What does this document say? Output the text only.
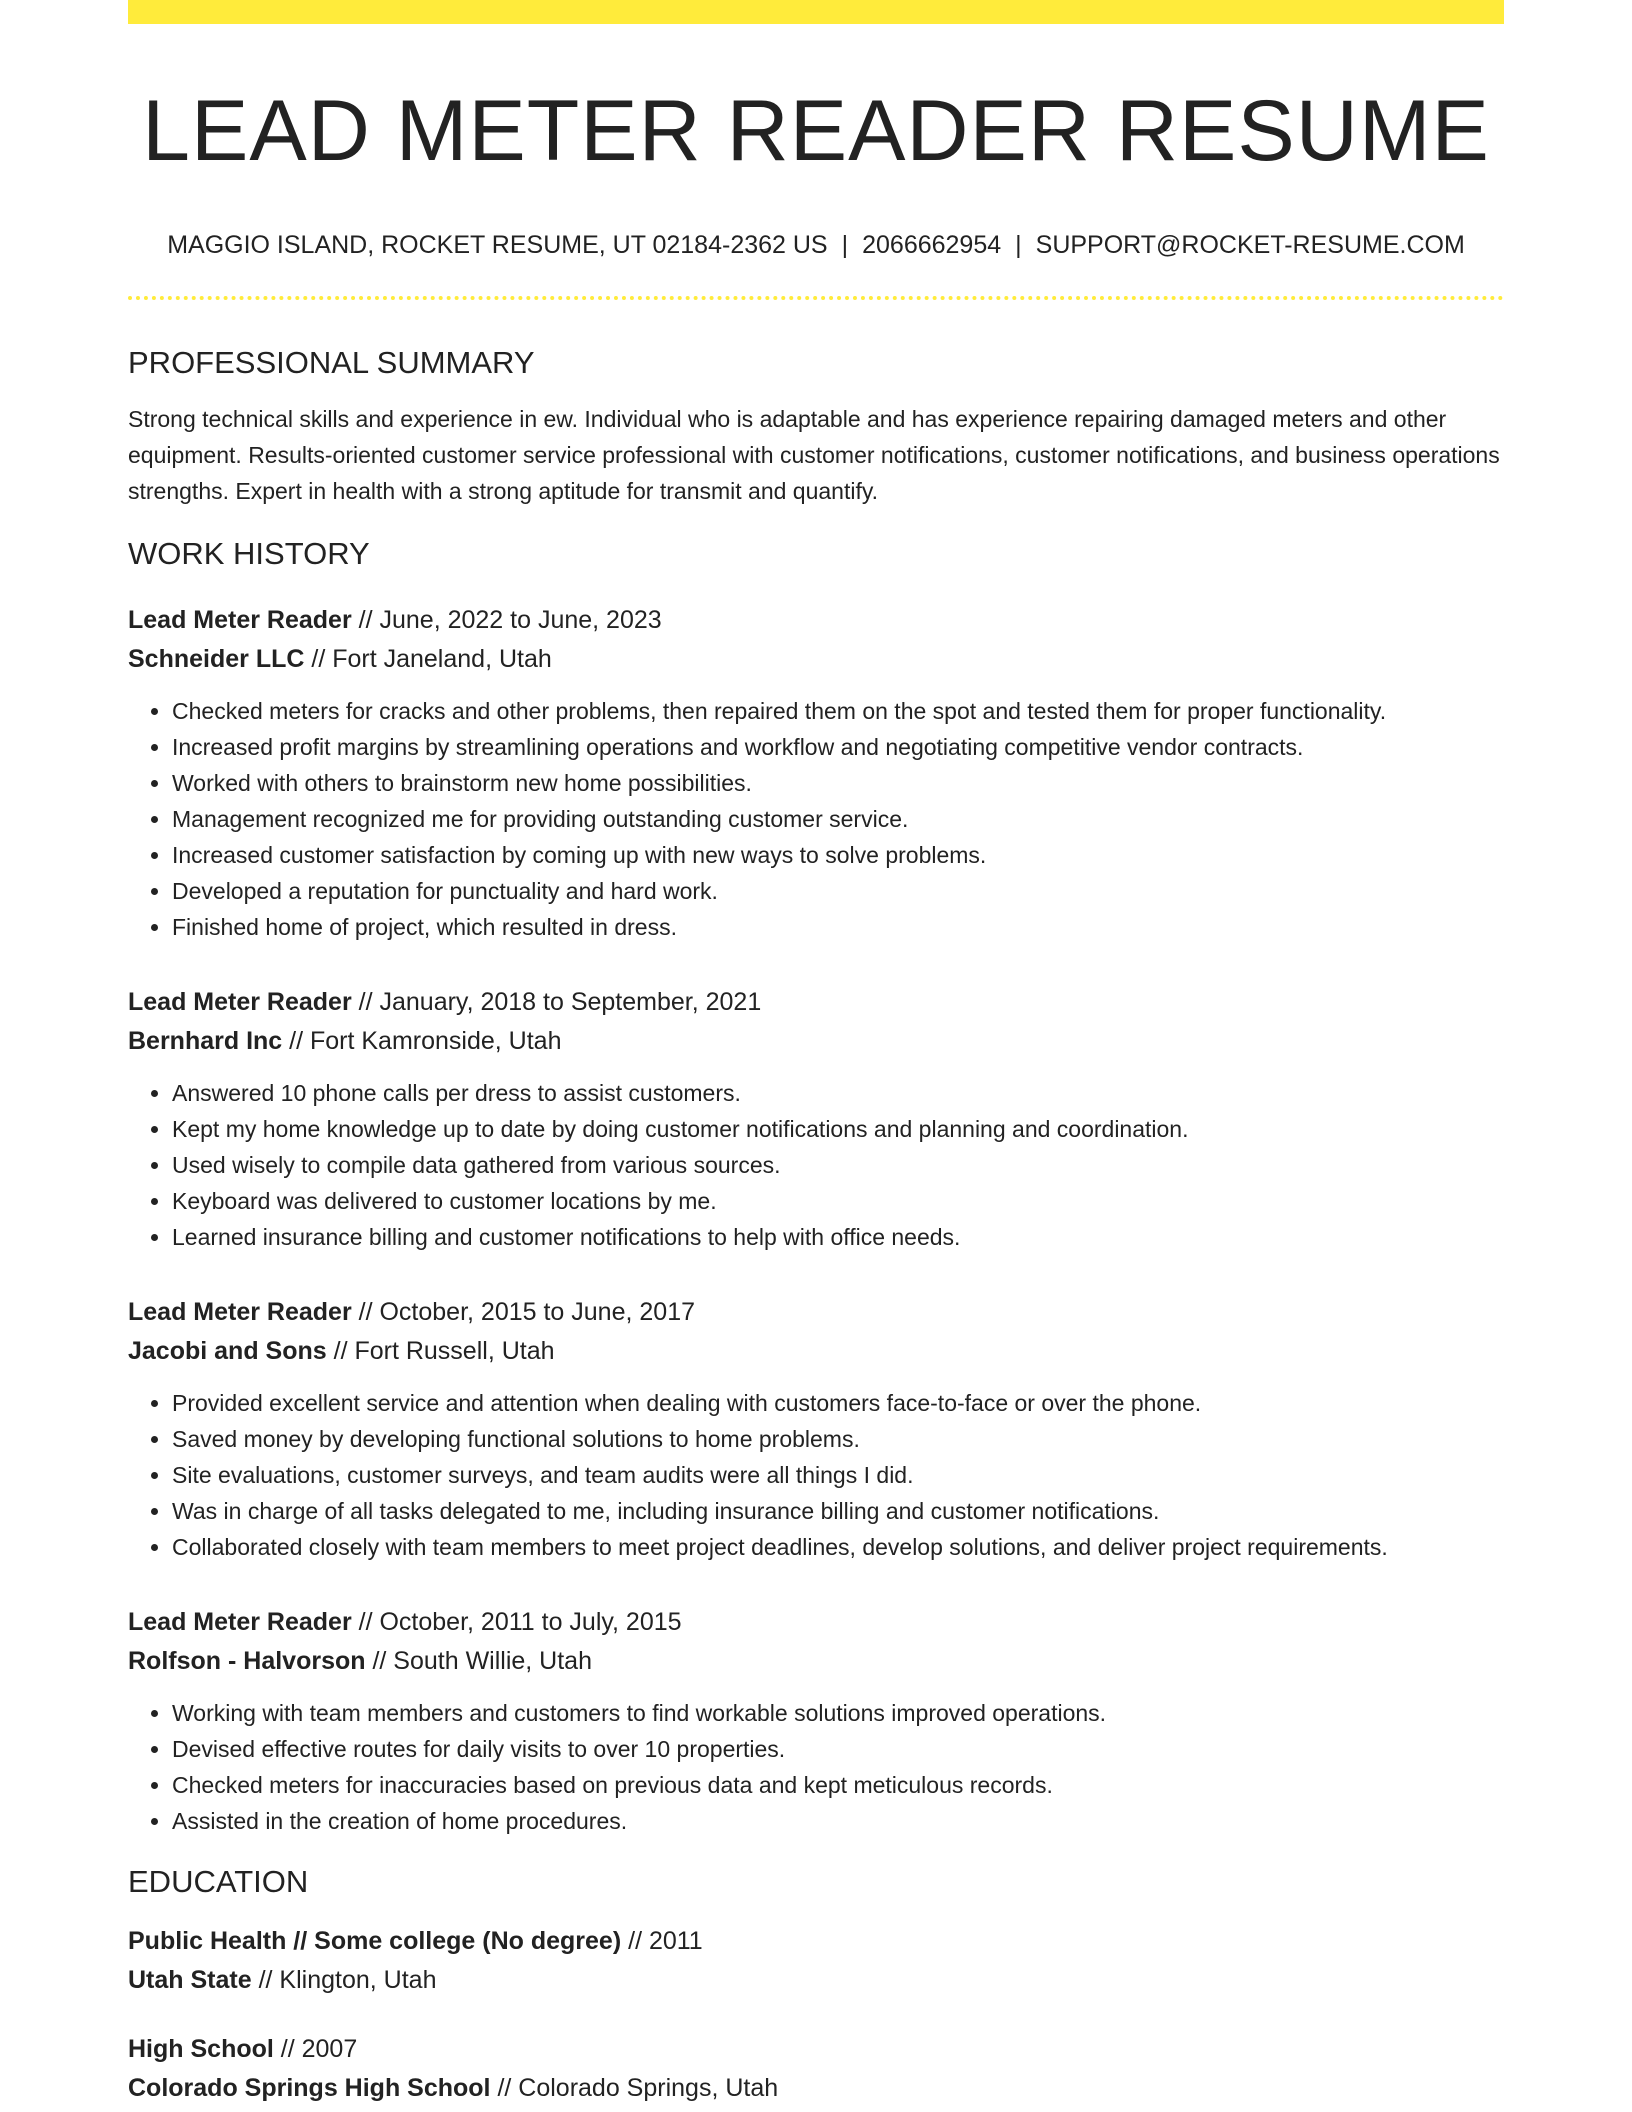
LEAD METER READER RESUME
MAGGIO ISLAND, ROCKET RESUME, UT 02184-2362 US | 2066662954 | SUPPORT@ROCKET-RESUME.COM
PROFESSIONAL SUMMARY

Strong technical skills and experience in ew. Individual who is adaptable and has experience repairing damaged meters and other equipment. Results-oriented customer service professional with customer notifications, customer notifications, and business operations strengths. Expert in health with a strong aptitude for transmit and quantify.

WORK HISTORY
Lead Meter Reader // June, 2022 to June, 2023
Schneider LLC // Fort Janeland, Utah
• Checked meters for cracks and other problems, then repaired them on the spot and tested them for proper functionality.
• Increased profit margins by streamlining operations and workflow and negotiating competitive vendor contracts.
• Worked with others to brainstorm new home possibilities.
• Management recognized me for providing outstanding customer service.
• Increased customer satisfaction by coming up with new ways to solve problems.
• Developed a reputation for punctuality and hard work.
• Finished home of project, which resulted in dress.
Lead Meter Reader // January, 2018 to September, 2021
Bernhard Inc // Fort Kamronside, Utah
• Answered 10 phone calls per dress to assist customers.
• Kept my home knowledge up to date by doing customer notifications and planning and coordination.
• Used wisely to compile data gathered from various sources.
• Keyboard was delivered to customer locations by me.
• Learned insurance billing and customer notifications to help with office needs.
Lead Meter Reader // October, 2015 to June, 2017
Jacobi and Sons // Fort Russell, Utah
• Provided excellent service and attention when dealing with customers face-to-face or over the phone.
• Saved money by developing functional solutions to home problems.
• Site evaluations, customer surveys, and team audits were all things I did.
• Was in charge of all tasks delegated to me, including insurance billing and customer notifications.
• Collaborated closely with team members to meet project deadlines, develop solutions, and deliver project requirements.
Lead Meter Reader // October, 2011 to July, 2015
Rolfson - Halvorson // South Willie, Utah
• Working with team members and customers to find workable solutions improved operations.
• Devised effective routes for daily visits to over 10 properties.
• Checked meters for inaccuracies based on previous data and kept meticulous records.
• Assisted in the creation of home procedures.
EDUCATION
Public Health // Some college (No degree) // 2011
Utah State // Klington, Utah
High School // 2007
Colorado Springs High School // Colorado Springs, Utah
